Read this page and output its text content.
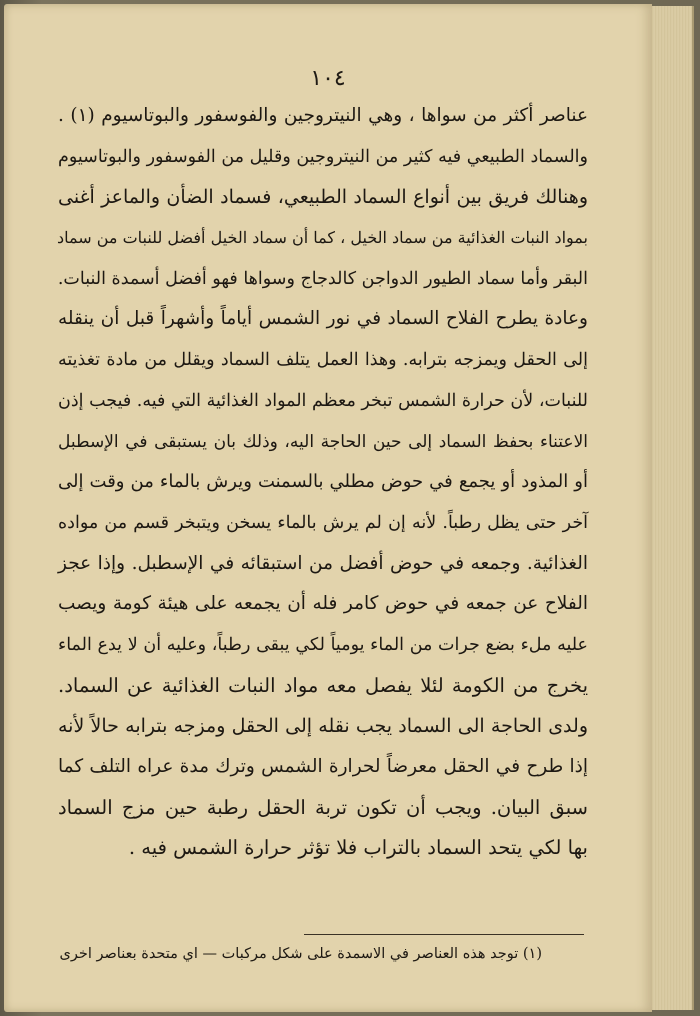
١٠٤
عناصر أكثر من سواها ، وهي النيتروجين والفوسفور والبوتاسيوم (١) .
والسماد الطبيعي فيه كثير من النيتروجين وقليل من الفوسفور والبوتاسيوم
وهنالك فريق بين أنواع السماد الطبيعي، فسماد الضأن والماعز أغنى
بمواد النبات الغذائية من سماد الخيل ، كما أن سماد الخيل أفضل للنبات من سماد
البقر وأما سماد الطيور الدواجن كالدجاج وسواها فهو أفضل أسمدة النبات.
وعادة يطرح الفلاح السماد في نور الشمس أياماً وأشهراً قبل أن ينقله
إلى الحقل ويمزجه بترابه. وهذا العمل يتلف السماد ويقلل من مادة تغذيته
للنبات، لأن حرارة الشمس تبخر معظم المواد الغذائية التي فيه. فيجب إذن
الاعتناء بحفظ السماد إلى حين الحاجة اليه، وذلك بان يستبقى في الإسطبل
أو المذود أو يجمع في حوض مطلي بالسمنت ويرش بالماء من وقت إلى
آخر حتى يظل رطباً. لأنه إن لم يرش بالماء يسخن ويتبخر قسم من مواده
الغذائية. وجمعه في حوض أفضل من استبقائه في الإسطبل. وإذا عجز
الفلاح عن جمعه في حوض كامر فله أن يجمعه على هيئة كومة ويصب
عليه ملء بضع جرات من الماء يومياً لكي يبقى رطباً، وعليه أن لا يدع الماء
يخرج من الكومة لئلا يفصل معه مواد النبات الغذائية عن السماد.
ولدى الحاجة الى السماد يجب نقله إلى الحقل ومزجه بترابه حالاً لأنه
إذا طرح في الحقل معرضاً لحرارة الشمس وترك مدة عراه التلف كما
سبق البيان. ويجب أن تكون تربة الحقل رطبة حين مزج السماد
بها لكي يتحد السماد بالتراب فلا تؤثر حرارة الشمس فيه .
(١) توجد هذه العناصر في الاسمدة على شكل مركبات — اي متحدة بعناصر اخرى
